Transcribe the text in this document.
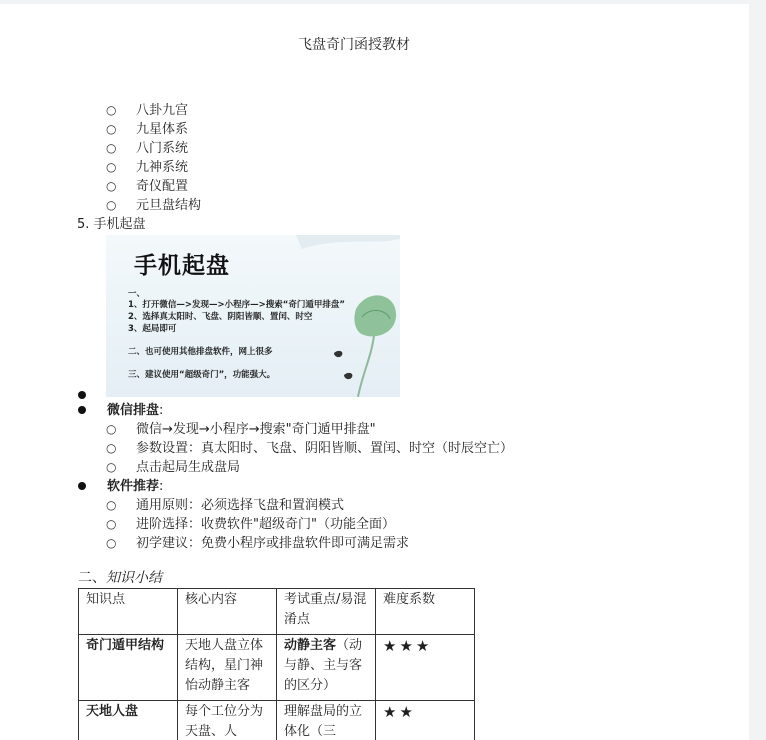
飞盘奇门函授教材
○ 八卦九宫
○ 九星体系
○ 八门系统
○ 九神系统
○ 奇仪配置
○ 元旦盘结构
5. 手机起盘
手机起盘
一、
1、打开微信—>发现—>小程序—>搜索“奇门遁甲排盘”
2、选择真太阳时、飞盘、阴阳皆顺、置闰、时空
3、起局即可
二、也可使用其他排盘软件，网上很多
三、建议使用“超级奇门”，功能强大。
微信排盘:
○ 微信→发现→小程序→搜索"奇门遁甲排盘"
○ 参数设置：真太阳时、飞盘、阴阳皆顺、置闰、时空（时辰空亡）
○ 点击起局生成盘局
软件推荐:
○ 通用原则：必须选择飞盘和置润模式
○ 进阶选择：收费软件"超级奇门"（功能全面）
○ 初学建议：免费小程序或排盘软件即可满足需求
二、知识小结
知识点	核心内容	考试重点/易混淆点	难度系数
奇门遁甲结构	天地人盘立体结构，星门神怡动静主客	动静主客（动与静、主与客的区分）	★★★
天地人盘	每个工位分为天盘、人	理解盘局的立体化（三	★★
